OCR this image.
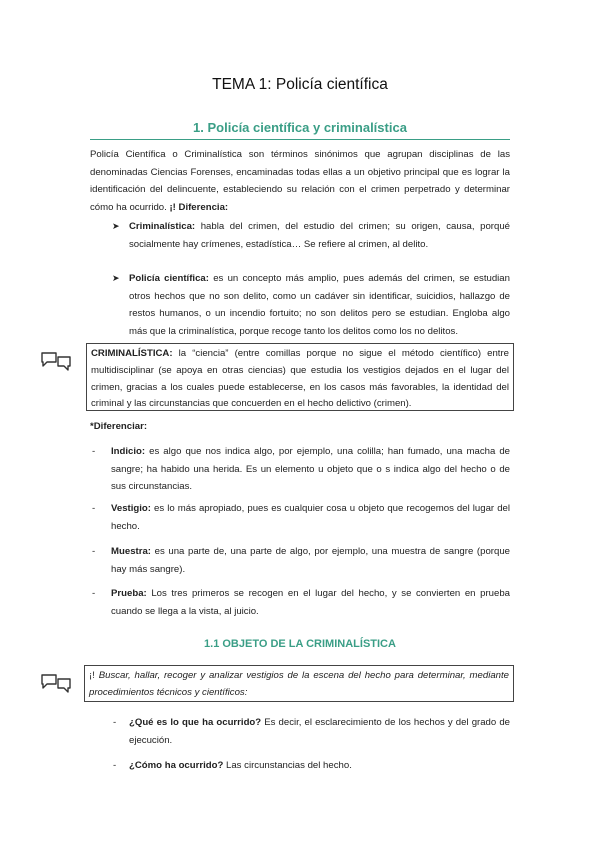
TEMA 1: Policía científica
1. Policía científica y criminalística
Policía Científica o Criminalística son términos sinónimos que agrupan disciplinas de las denominadas Ciencias Forenses, encaminadas todas ellas a un objetivo principal que es lograr la identificación del delincuente, estableciendo su relación con el crimen perpetrado y determinar cómo ha ocurrido. ¡! Diferencia:
➤ Criminalística: habla del crimen, del estudio del crimen; su origen, causa, porqué socialmente hay crímenes, estadística… Se refiere al crimen, al delito.
➤ Policía científica: es un concepto más amplio, pues además del crimen, se estudian otros hechos que no son delito, como un cadáver sin identificar, suicidios, hallazgo de restos humanos, o un incendio fortuito; no son delitos pero se estudian. Engloba algo más que la criminalística, porque recoge tanto los delitos como los no delitos.
CRIMINALÍSTICA: la “ciencia” (entre comillas porque no sigue el método científico) entre multidisciplinar (se apoya en otras ciencias) que estudia los vestigios dejados en el lugar del crimen, gracias a los cuales puede establecerse, en los casos más favorables, la identidad del criminal y las circunstancias que concuerden en el hecho delictivo (crimen).
*Diferenciar:
- Indicio: es algo que nos indica algo, por ejemplo, una colilla; han fumado, una macha de sangre; ha habido una herida. Es un elemento u objeto que o s indica algo del hecho o de sus circunstancias.
- Vestigio: es lo más apropiado, pues es cualquier cosa u objeto que recogemos del lugar del hecho.
- Muestra: es una parte de, una parte de algo, por ejemplo, una muestra de sangre (porque hay más sangre).
- Prueba: Los tres primeros se recogen en el lugar del hecho, y se convierten en prueba cuando se llega a la vista, al juicio.
1.1 OBJETO DE LA CRIMINALÍSTICA
¡! Buscar, hallar, recoger y analizar vestigios de la escena del hecho para determinar, mediante procedimientos técnicos y científicos:
- ¿Qué es lo que ha ocurrido? Es decir, el esclarecimiento de los hechos y del grado de ejecución.
- ¿Cómo ha ocurrido? Las circunstancias del hecho.
